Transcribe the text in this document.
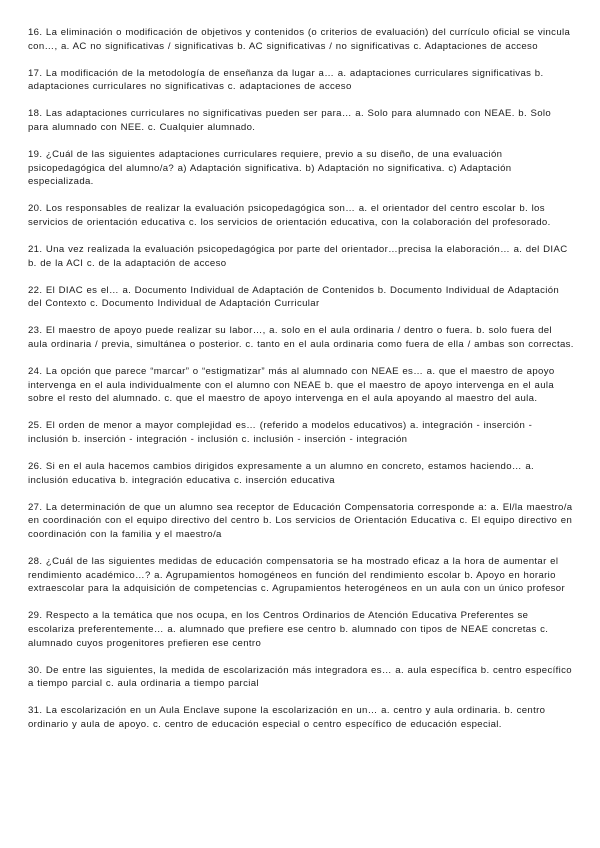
16. La eliminación o modificación de objetivos y contenidos (o criterios de evaluación) del currículo oficial se vincula con…, a. AC no significativas / significativas b. AC significativas / no significativas c. Adaptaciones de acceso

17. La modificación de la metodología de enseñanza da lugar a… a. adaptaciones curriculares significativas b. adaptaciones curriculares no significativas c. adaptaciones de acceso

18. Las adaptaciones curriculares no significativas pueden ser para… a. Solo para alumnado con NEAE. b. Solo para alumnado con NEE. c. Cualquier alumnado.

19. ¿Cuál de las siguientes adaptaciones curriculares requiere, previo a su diseño, de una evaluación psicopedagógica del alumno/a? a) Adaptación significativa. b) Adaptación no significativa. c) Adaptación especializada.

20. Los responsables de realizar la evaluación psicopedagógica son… a. el orientador del centro escolar b. los servicios de orientación educativa c. los servicios de orientación educativa, con la colaboración del profesorado.

21. Una vez realizada la evaluación psicopedagógica por parte del orientador…precisa la elaboración… a. del DIAC b. de la ACI c. de la adaptación de acceso

22. El DIAC es el… a. Documento Individual de Adaptación de Contenidos b. Documento Individual de Adaptación del Contexto c. Documento Individual de Adaptación Curricular

23. El maestro de apoyo puede realizar su labor…, a. solo en el aula ordinaria / dentro o fuera. b. solo fuera del aula ordinaria / previa, simultánea o posterior. c. tanto en el aula ordinaria como fuera de ella / ambas son correctas.

24. La opción que parece “marcar” o “estigmatizar” más al alumnado con NEAE es… a. que el maestro de apoyo intervenga en el aula individualmente con el alumno con NEAE b. que el maestro de apoyo intervenga en el aula sobre el resto del alumnado. c. que el maestro de apoyo intervenga en el aula apoyando al maestro del aula.

25. El orden de menor a mayor complejidad es… (referido a modelos educativos) a. integración - inserción - inclusión b. inserción - integración - inclusión c. inclusión - inserción - integración

26. Si en el aula hacemos cambios dirigidos expresamente a un alumno en concreto, estamos haciendo… a. inclusión educativa b. integración educativa c. inserción educativa

27. La determinación de que un alumno sea receptor de Educación Compensatoria corresponde a: a. El/la maestro/a en coordinación con el equipo directivo del centro b. Los servicios de Orientación Educativa c. El equipo directivo en coordinación con la familia y el maestro/a

28. ¿Cuál de las siguientes medidas de educación compensatoria se ha mostrado eficaz a la hora de aumentar el rendimiento académico…? a. Agrupamientos homogéneos en función del rendimiento escolar b. Apoyo en horario extraescolar para la adquisición de competencias c. Agrupamientos heterogéneos en un aula con un único profesor

29. Respecto a la temática que nos ocupa, en los Centros Ordinarios de Atención Educativa Preferentes se escolariza preferentemente… a. alumnado que prefiere ese centro b. alumnado con tipos de NEAE concretas c. alumnado cuyos progenitores prefieren ese centro

30. De entre las siguientes, la medida de escolarización más integradora es… a. aula específica b. centro específico a tiempo parcial c. aula ordinaria a tiempo parcial

31. La escolarización en un Aula Enclave supone la escolarización en un… a. centro y aula ordinaria. b. centro ordinario y aula de apoyo. c. centro de educación especial o centro específico de educación especial.
